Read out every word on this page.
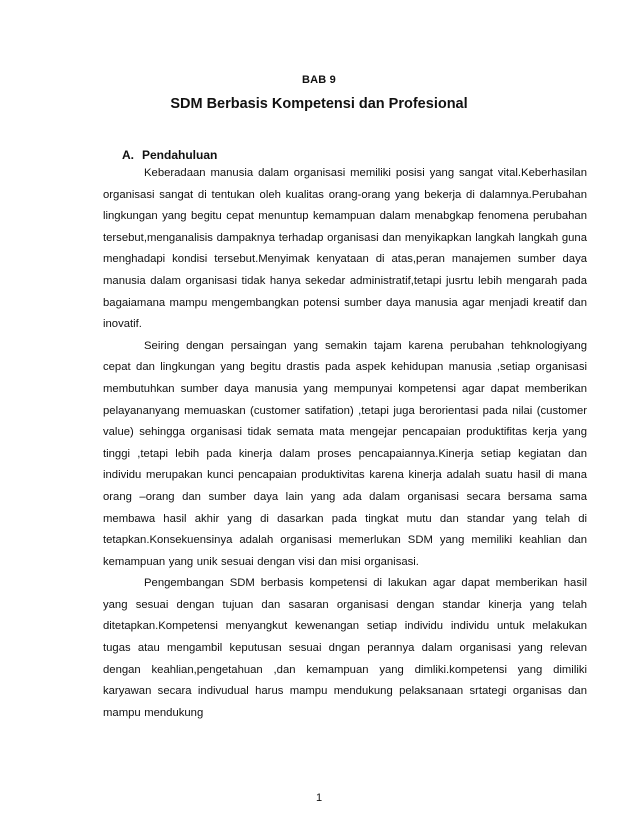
BAB 9
SDM Berbasis Kompetensi dan Profesional
A. Pendahuluan

Keberadaan manusia dalam organisasi memiliki posisi yang sangat vital.Keberhasilan organisasi sangat di tentukan oleh kualitas orang-orang yang bekerja di dalamnya.Perubahan lingkungan yang begitu cepat menuntup kemampuan dalam menabgkap fenomena perubahan tersebut,menganalisis dampaknya terhadap organisasi dan menyikapkan langkah langkah guna menghadapi kondisi tersebut.Menyimak kenyataan di atas,peran manajemen sumber daya manusia dalam organisasi tidak hanya sekedar administratif,tetapi jusrtu lebih mengarah pada bagaiamana mampu mengembangkan potensi sumber daya manusia agar menjadi kreatif dan inovatif.

Seiring dengan persaingan yang semakin tajam karena perubahan tehknologiyang cepat dan lingkungan yang begitu drastis pada aspek kehidupan manusia ,setiap organisasi membutuhkan sumber daya manusia yang mempunyai kompetensi agar dapat memberikan pelayananyang memuaskan (customer satifation) ,tetapi juga berorientasi pada nilai (customer value) sehingga organisasi tidak semata mata mengejar pencapaian produktifitas kerja yang tinggi ,tetapi lebih pada kinerja dalam proses pencapaiannya.Kinerja setiap kegiatan dan individu merupakan kunci pencapaian produktivitas karena kinerja adalah suatu hasil di mana orang –orang dan sumber daya lain yang ada dalam organisasi secara bersama sama membawa hasil akhir yang di dasarkan pada tingkat mutu dan standar yang telah di tetapkan.Konsekuensinya adalah organisasi memerlukan SDM yang memiliki keahlian dan kemampuan yang unik sesuai dengan visi dan misi organisasi.

Pengembangan SDM berbasis kompetensi di lakukan agar dapat memberikan hasil yang sesuai dengan tujuan dan sasaran organisasi dengan standar kinerja yang telah ditetapkan.Kompetensi menyangkut kewenangan setiap individu individu untuk melakukan tugas atau mengambil keputusan sesuai dngan perannya dalam organisasi yang relevan dengan keahlian,pengetahuan ,dan kemampuan yang dimliki.kompetensi yang dimiliki karyawan secara indivudual harus mampu mendukung pelaksanaan srtategi organisas dan mampu mendukung

1
